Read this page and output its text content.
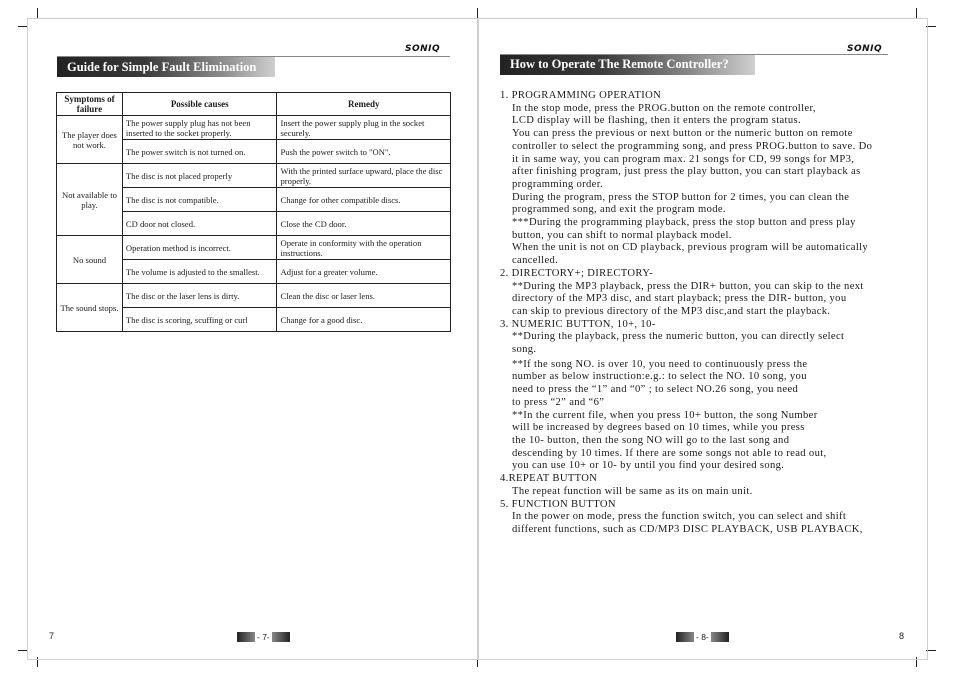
SONIQ
Guide for Simple Fault Elimination
Symptoms of failure	Possible causes	Remedy
The player does not work.	The power supply plug has not been inserted to the socket properly.	Insert the power supply plug in the socket securely.
	The power switch is not turned on.	Push the power switch to "ON".
Not available to play.	The disc is not placed properly	With the printed surface upward, place the disc properly.
	The disc is not compatible.	Change for other compatible discs.
	CD door not closed.	Close the CD door.
No sound	Operation method is incorrect.	Operate in conformity with the operation instructions.
	The volume is adjusted to the smallest.	Adjust for a greater volume.
The sound stops.	The disc or the laser lens is dirty.	Clean the disc or laser lens.
	The disc is scoring, scuffing or curl	Change for a good disc.
7	- 7-
SONIQ
How to Operate The Remote Controller?

1. PROGRAMMING OPERATION

In the stop mode, press the PROG.button on the remote controller,

LCD display will be flashing, then it enters the program status.

You can press the previous or next button or the numeric button on remote

controller to select the programming song, and press PROG.button to save. Do

it in same way, you can program max. 21 songs for CD, 99 songs for MP3,

after finishing program, just press the play button, you can start playback as

programming order.

During the program, press the STOP button for 2 times, you can clean the

programmed song, and exit the program mode.

***During the programming playback, press the stop button and press play

button, you can shift to normal playback model.

When the unit is not on CD playback, previous program will be automatically

cancelled.

2. DIRECTORY+; DIRECTORY-

**During the MP3 playback, press the DIR+ button, you can skip to the next

directory of the MP3 disc, and start playback; press the DIR- button, you

can skip to previous directory of the MP3 disc,and start the playback.

3. NUMERIC BUTTON, 10+, 10-

**During the playback, press the numeric button, you can directly select

song.

**If the song NO. is over 10, you need to continuously press the

number as below instruction:e.g.: to select the NO. 10 song, you

need to press the “1” and “0” ; to select NO.26 song, you need

to press “2” and “6”

**In the current file, when you press 10+ button, the song Number

will be increased by degrees based on 10 times, while you press

the 10- button, then the song NO will go to the last song and

descending by 10 times. If there are some songs not able to read out,

you can use 10+ or 10- by until you find your desired song.

4.REPEAT BUTTON

The repeat function will be same as its on main unit.

5. FUNCTION BUTTON

In the power on mode, press the function switch, you can select and shift

different functions, such as CD/MP3 DISC PLAYBACK, USB PLAYBACK,

8
- 8-
